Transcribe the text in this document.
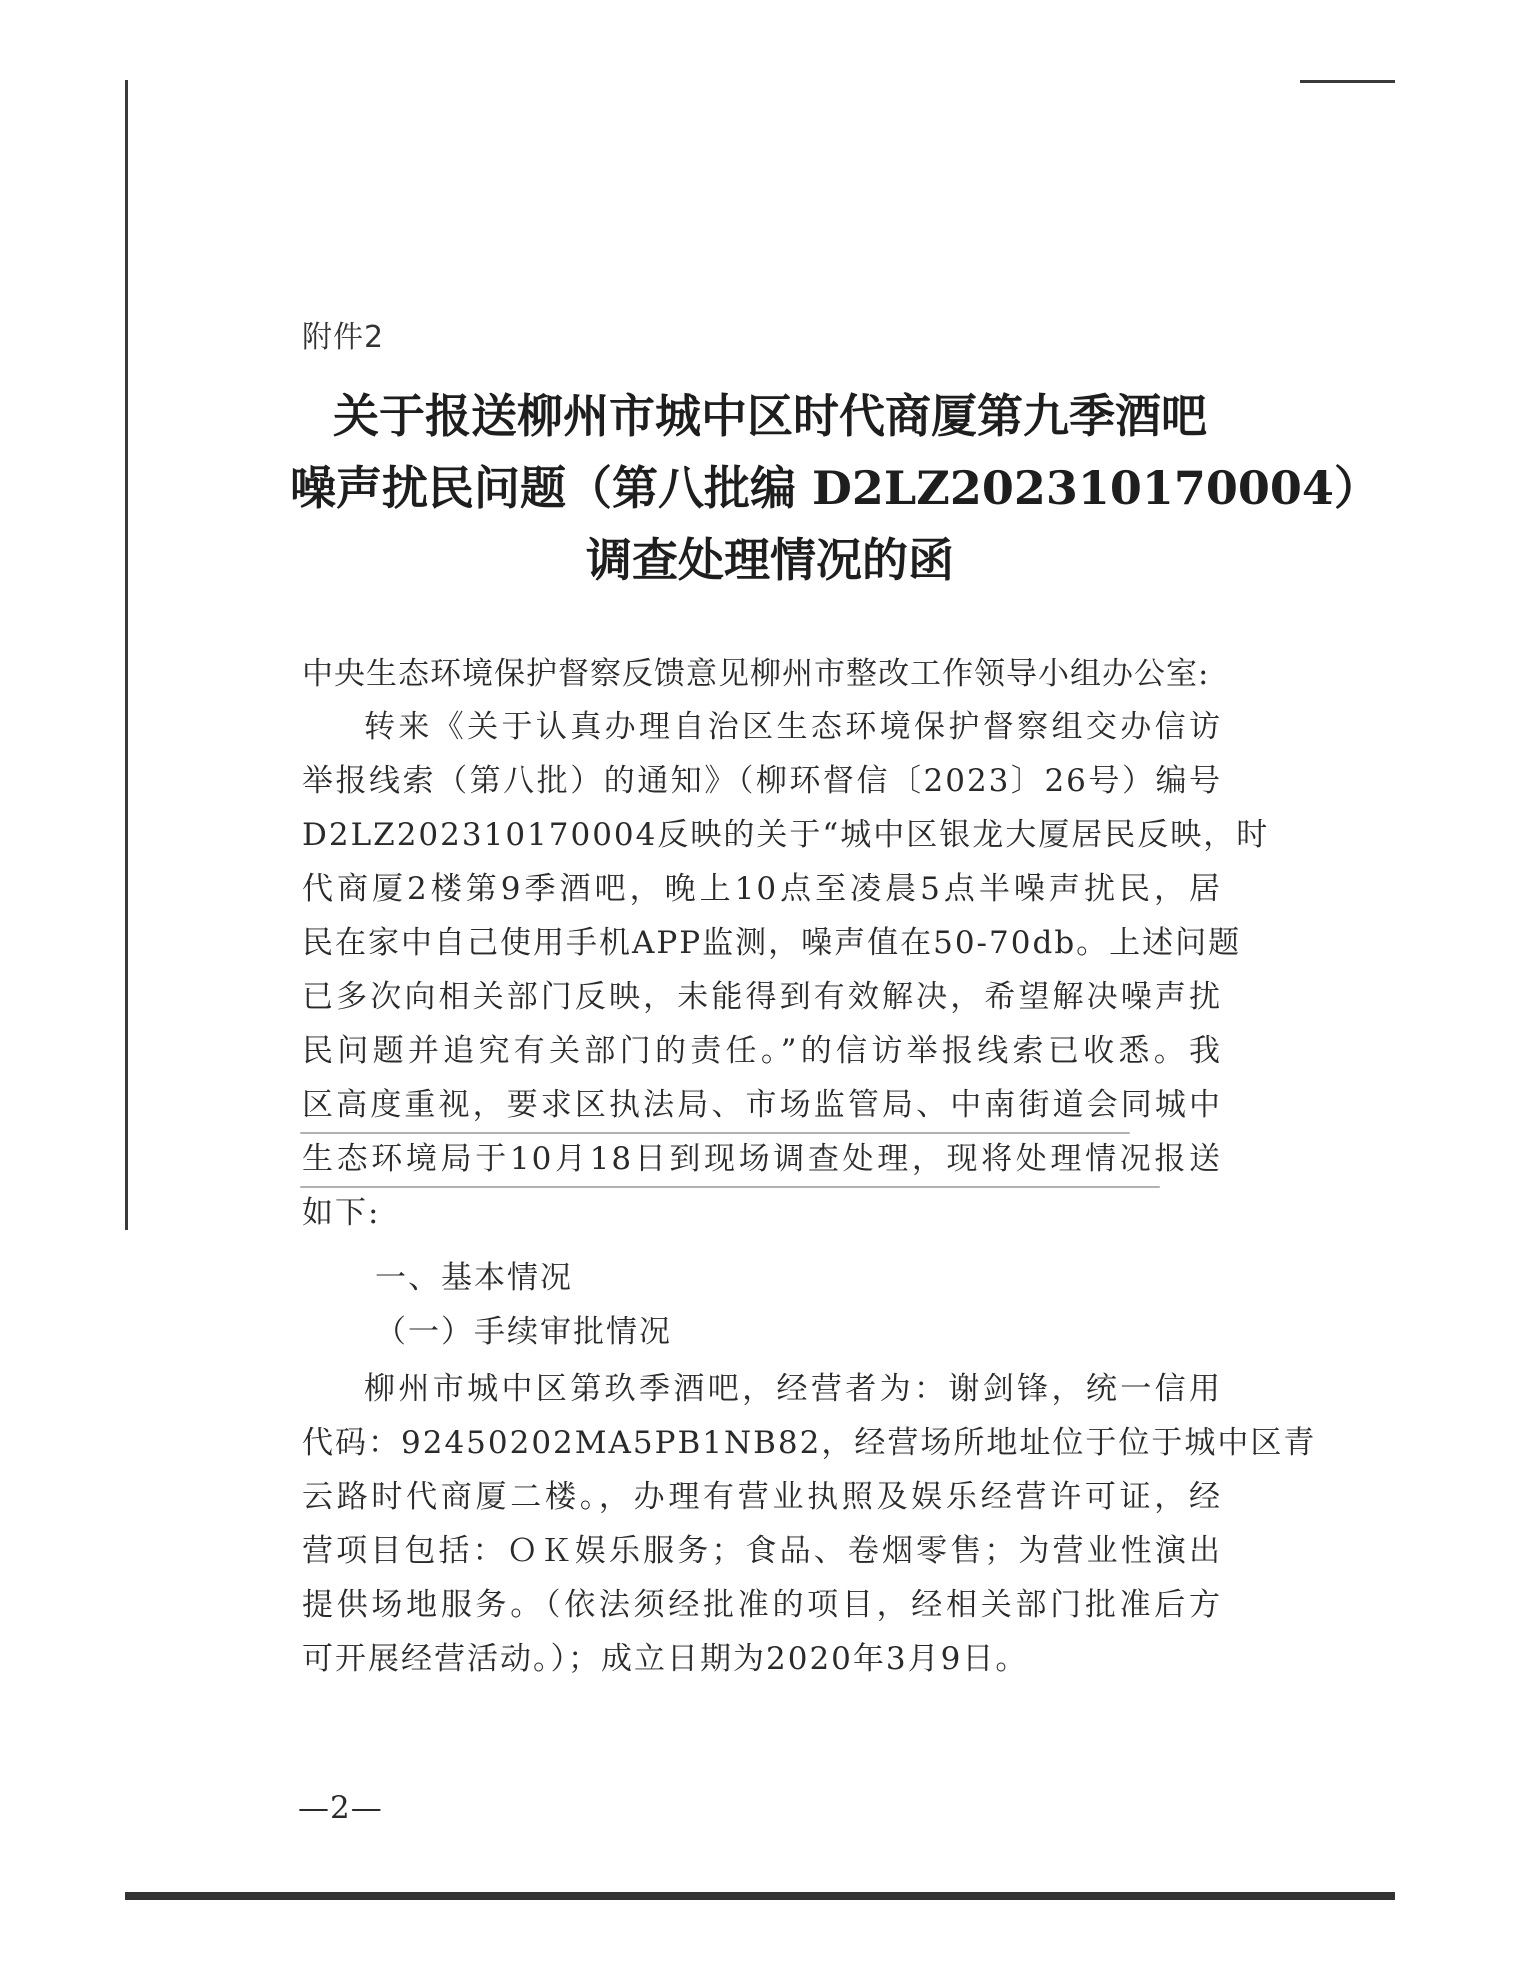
附件2
关于报送柳州市城中区时代商厦第九季酒吧
噪声扰民问题（第八批编 D2LZ202310170004）
调查处理情况的函
中央生态环境保护督察反馈意见柳州市整改工作领导小组办公室:
转来《关于认真办理自治区生态环境保护督察组交办信访
举报线索（第八批）的通知》（柳环督信〔2023〕26号）编号
D2LZ202310170004反映的关于“城中区银龙大厦居民反映，时
代商厦2楼第9季酒吧，晚上10点至凌晨5点半噪声扰民，居
民在家中自己使用手机APP监测，噪声值在50-70db。上述问题
已多次向相关部门反映，未能得到有效解决，希望解决噪声扰
民问题并追究有关部门的责任。”的信访举报线索已收悉。我
区高度重视，要求区执法局、市场监管局、中南街道会同城中
生态环境局于10月18日到现场调查处理，现将处理情况报送
如下:
一、基本情况
（一）手续审批情况
柳州市城中区第玖季酒吧，经营者为：谢剑锋，统一信用
代码：92450202MA5PB1NB82，经营场所地址位于位于城中区青
云路时代商厦二楼。，办理有营业执照及娱乐经营许可证，经
营项目包括：ＯＫ娱乐服务；食品、卷烟零售；为营业性演出
提供场地服务。（依法须经批准的项目，经相关部门批准后方
可开展经营活动。）；成立日期为2020年3月9日。
—2—
